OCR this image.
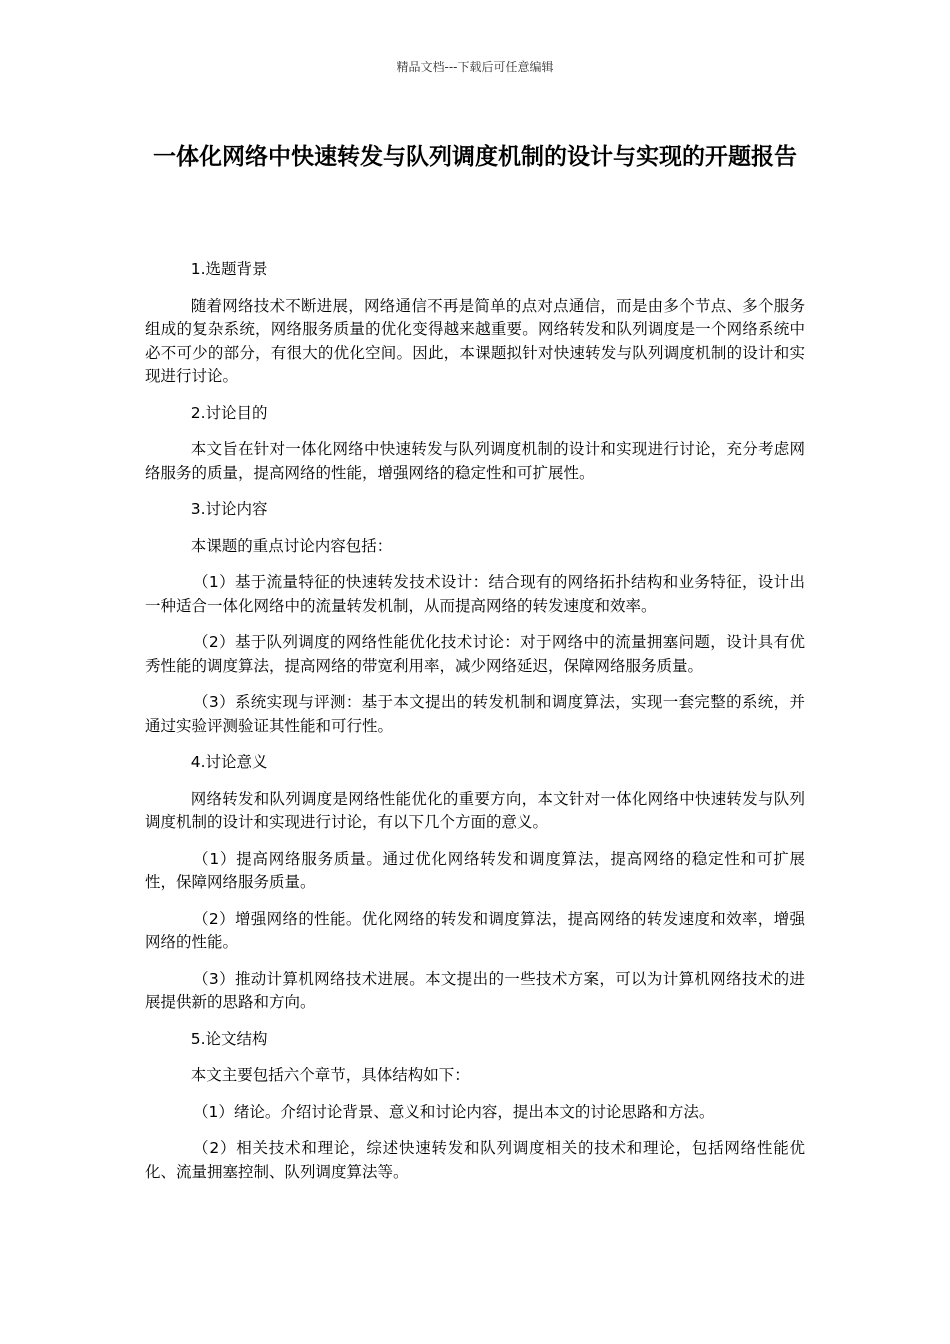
精品文档---下载后可任意编辑
一体化网络中快速转发与队列调度机制的设计与实现的开题报告

1.选题背景

随着网络技术不断进展，网络通信不再是简单的点对点通信，而是由多个节点、多个服务组成的复杂系统，网络服务质量的优化变得越来越重要。网络转发和队列调度是一个网络系统中必不可少的部分，有很大的优化空间。因此，本课题拟针对快速转发与队列调度机制的设计和实现进行讨论。

2.讨论目的

本文旨在针对一体化网络中快速转发与队列调度机制的设计和实现进行讨论，充分考虑网络服务的质量，提高网络的性能，增强网络的稳定性和可扩展性。

3.讨论内容

本课题的重点讨论内容包括：

（1）基于流量特征的快速转发技术设计：结合现有的网络拓扑结构和业务特征，设计出一种适合一体化网络中的流量转发机制，从而提高网络的转发速度和效率。

（2）基于队列调度的网络性能优化技术讨论：对于网络中的流量拥塞问题，设计具有优秀性能的调度算法，提高网络的带宽利用率，减少网络延迟，保障网络服务质量。

（3）系统实现与评测：基于本文提出的转发机制和调度算法，实现一套完整的系统，并通过实验评测验证其性能和可行性。

4.讨论意义

网络转发和队列调度是网络性能优化的重要方向，本文针对一体化网络中快速转发与队列调度机制的设计和实现进行讨论，有以下几个方面的意义。

（1）提高网络服务质量。通过优化网络转发和调度算法，提高网络的稳定性和可扩展性，保障网络服务质量。

（2）增强网络的性能。优化网络的转发和调度算法，提高网络的转发速度和效率，增强网络的性能。

（3）推动计算机网络技术进展。本文提出的一些技术方案，可以为计算机网络技术的进展提供新的思路和方向。

5.论文结构

本文主要包括六个章节，具体结构如下：

（1）绪论。介绍讨论背景、意义和讨论内容，提出本文的讨论思路和方法。

（2）相关技术和理论，综述快速转发和队列调度相关的技术和理论，包括网络性能优化、流量拥塞控制、队列调度算法等。
